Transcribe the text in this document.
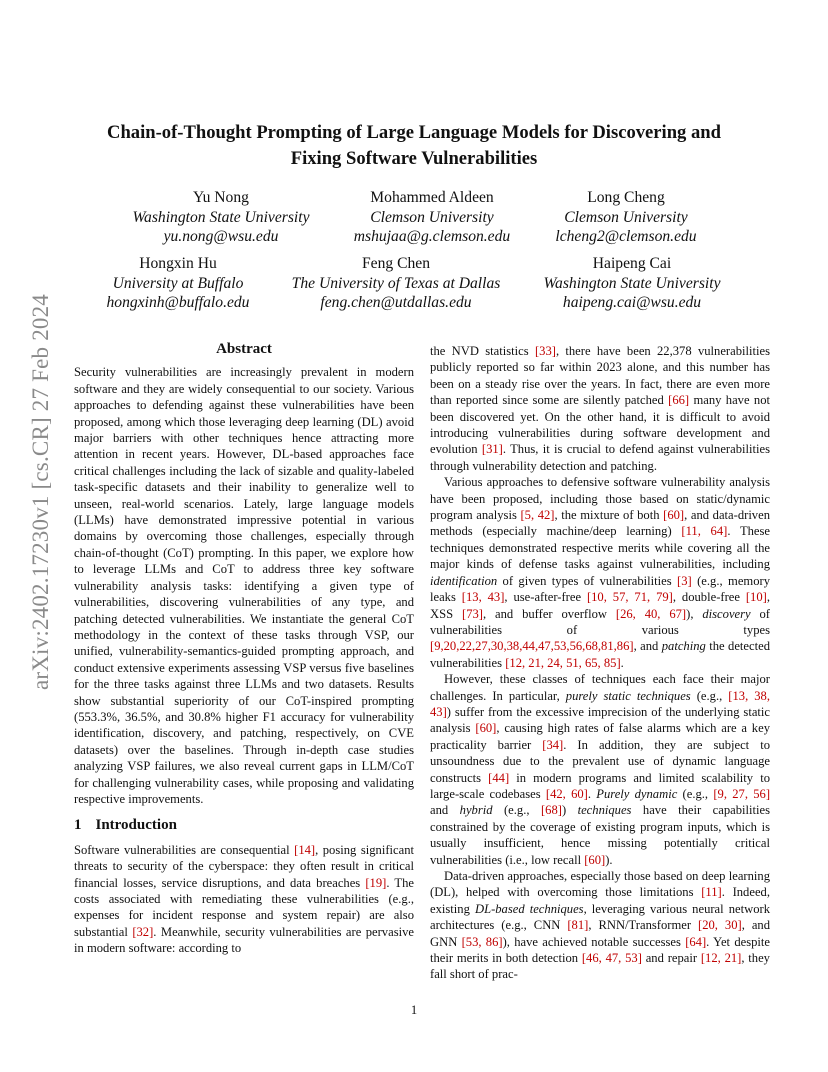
arXiv:2402.17230v1 [cs.CR] 27 Feb 2024
Chain-of-Thought Prompting of Large Language Models for Discovering and
Fixing Software Vulnerabilities
Yu Nong
Washington State University
yu.nong@wsu.edu
Mohammed Aldeen
Clemson University
mshujaa@g.clemson.edu
Long Cheng
Clemson University
lcheng2@clemson.edu
Hongxin Hu
University at Buffalo
hongxinh@buffalo.edu
Feng Chen
The University of Texas at Dallas
feng.chen@utdallas.edu
Haipeng Cai
Washington State University
haipeng.cai@wsu.edu
Abstract

Security vulnerabilities are increasingly prevalent in modern software and they are widely consequential to our society. Various approaches to defending against these vulnerabilities have been proposed, among which those leveraging deep learning (DL) avoid major barriers with other techniques hence attracting more attention in recent years. However, DL-based approaches face critical challenges including the lack of sizable and quality-labeled task-specific datasets and their inability to generalize well to unseen, real-world scenarios. Lately, large language models (LLMs) have demonstrated impressive potential in various domains by overcoming those challenges, especially through chain-of-thought (CoT) prompting. In this paper, we explore how to leverage LLMs and CoT to address three key software vulnerability analysis tasks: identifying a given type of vulnerabilities, discovering vulnerabilities of any type, and patching detected vulnerabilities. We instantiate the general CoT methodology in the context of these tasks through VSP, our unified, vulnerability-semantics-guided prompting approach, and conduct extensive experiments assessing VSP versus five baselines for the three tasks against three LLMs and two datasets. Results show substantial superiority of our CoT-inspired prompting (553.3%, 36.5%, and 30.8% higher F1 accuracy for vulnerability identification, discovery, and patching, respectively, on CVE datasets) over the baselines. Through in-depth case studies analyzing VSP failures, we also reveal current gaps in LLM/CoT for challenging vulnerability cases, while proposing and validating respective improvements.

1 Introduction

Software vulnerabilities are consequential [14], posing significant threats to security of the cyberspace: they often result in critical financial losses, service disruptions, and data breaches [19]. The costs associated with remediating these vulnerabilities (e.g., expenses for incident response and system repair) are also substantial [32]. Meanwhile, security vulnerabilities are pervasive in modern software: according to

the NVD statistics [33], there have been 22,378 vulnerabilities publicly reported so far within 2023 alone, and this number has been on a steady rise over the years. In fact, there are even more than reported since some are silently patched [66] many have not been discovered yet. On the other hand, it is difficult to avoid introducing vulnerabilities during software development and evolution [31]. Thus, it is crucial to defend against vulnerabilities through vulnerability detection and patching.

Various approaches to defensive software vulnerability analysis have been proposed, including those based on static/dynamic program analysis [5, 42], the mixture of both [60], and data-driven methods (especially machine/deep learning) [11, 64]. These techniques demonstrated respective merits while covering all the major kinds of defense tasks against vulnerabilities, including identification of given types of vulnerabilities [3] (e.g., memory leaks [13, 43], use-after-free [10, 57, 71, 79], double-free [10], XSS [73], and buffer overflow [26, 40, 67]), discovery of vulnerabilities of various types [9,20,22,27,30,38,44,47,53,56,68,81,86], and patching the detected vulnerabilities [12, 21, 24, 51, 65, 85].

However, these classes of techniques each face their major challenges. In particular, purely static techniques (e.g., [13, 38, 43]) suffer from the excessive imprecision of the underlying static analysis [60], causing high rates of false alarms which are a key practicality barrier [34]. In addition, they are subject to unsoundness due to the prevalent use of dynamic language constructs [44] in modern programs and limited scalability to large-scale codebases [42, 60]. Purely dynamic (e.g., [9, 27, 56] and hybrid (e.g., [68]) techniques have their capabilities constrained by the coverage of existing program inputs, which is usually insufficient, hence missing potentially critical vulnerabilities (i.e., low recall [60]).

Data-driven approaches, especially those based on deep learning (DL), helped with overcoming those limitations [11]. Indeed, existing DL-based techniques, leveraging various neural network architectures (e.g., CNN [81], RNN/Transformer [20, 30], and GNN [53, 86]), have achieved notable successes [64]. Yet despite their merits in both detection [46, 47, 53] and repair [12, 21], they fall short of prac-

1
